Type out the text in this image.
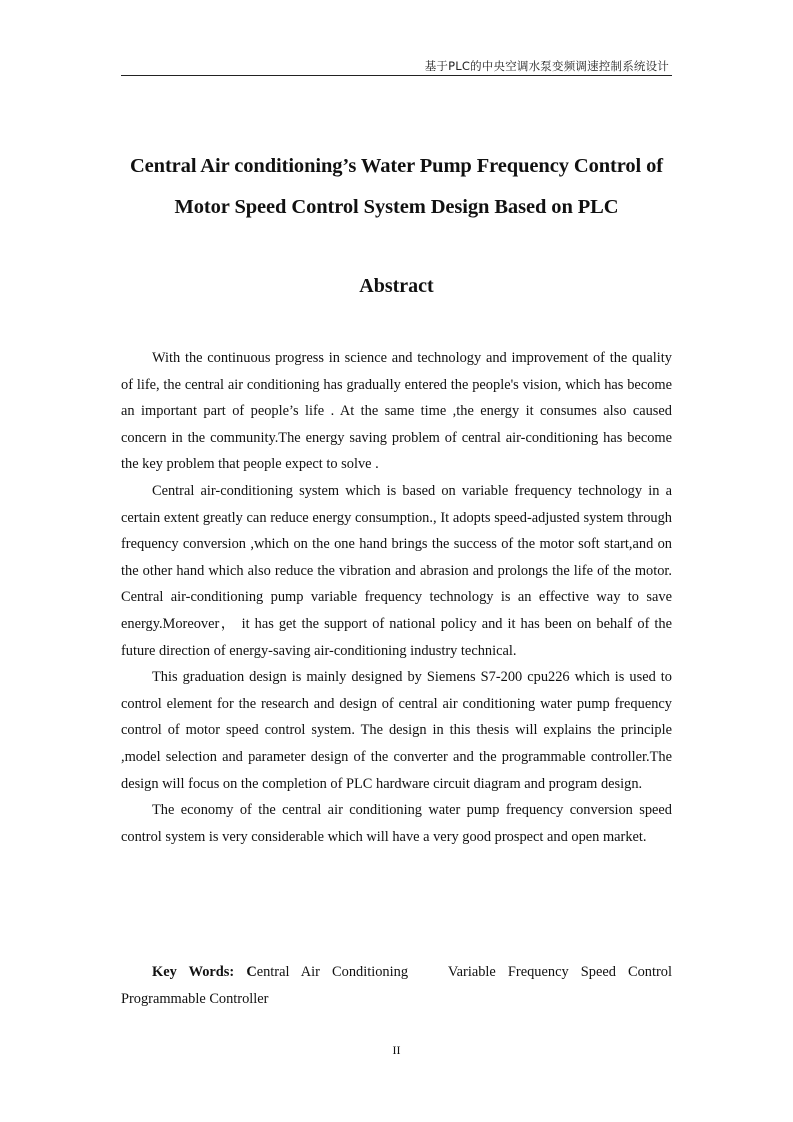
基于PLC的中央空调水泵变频调速控制系统设计
Central Air conditioning’s Water Pump Frequency Control of
Motor Speed Control System Design Based on PLC
Abstract

With the continuous progress in science and technology and improvement of the quality of life, the central air conditioning has gradually entered the people's vision, which has become an important part of people’s life . At the same time ,the energy it consumes also caused concern in the community.The energy saving problem of central air-conditioning has become the key problem that people expect to solve .

Central air-conditioning system which is based on variable frequency technology in a certain extent greatly can reduce energy consumption., It adopts speed-adjusted system through frequency conversion ,which on the one hand brings the success of the motor soft start,and on the other hand which also reduce the vibration and abrasion and prolongs the life of the motor. Central air-conditioning pump variable frequency technology is an effective way to save energy.Moreover， it has get the support of national policy and it has been on behalf of the future direction of energy-saving air-conditioning industry technical.

This graduation design is mainly designed by Siemens S7-200 cpu226 which is used to control element for the research and design of central air conditioning water pump frequency control of motor speed control system. The design in this thesis will explains the principle ,model selection and parameter design of the converter and the programmable controller.The design will focus on the completion of PLC hardware circuit diagram and program design.

The economy of the central air conditioning water pump frequency conversion speed control system is very considerable which will have a very good prospect and open market.

Key Words: Central Air Conditioning	Variable Frequency Speed Control Programmable Controller
II
